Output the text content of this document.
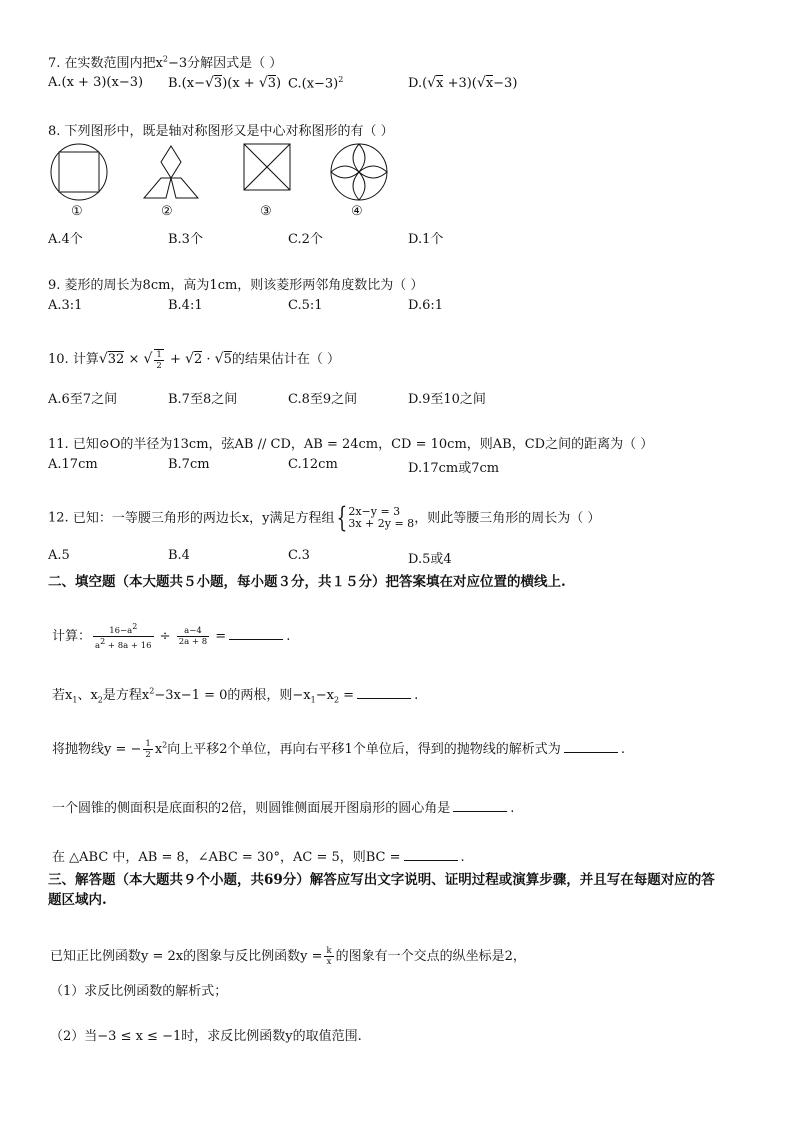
7. 在实数范围内把$x^2-3$分解因式是（ ）
A.(x + 3)(x−3) B.(x−√3)(x + √3) $C.(x-3)^2$	D.(√x +3)(√x−3)
8. 下列图形中，既是轴对称图形又是中心对称图形的有（ ）
①	②	③	④
A.4个	B.3个	C.2个	D.1个
9. 菱形的周长为8cm，高为1cm，则该菱形两邻角度数比为（ ）
A.3:1	B.4:1	C.5:1	D.6:1
10. 计算√32 × √ $\frac{1}{2} + √2 \cdot √5$的结果估计在（ ）
A.6至7之间	B.7至8之间	C.8至9之间	D.9至10之间
11. 已知⊙O的半径为13cm，弦AB // CD，AB = 24cm，CD = 10cm，则AB，CD之间的距离为（ ）
A.17cm	B.7cm	C.12cm	D.17cm或7cm
12. 已知：一等腰三角形的两边长x，y满足方程组{ 2x−y = 3
3x + 2y = 8，则此等腰三角形的周长为（ ）
A.5	B.4	C.3	D.5或4
二、填空题（本大题共５小题，每小题３分，共１５分）把答案填在对应位置的横线上.
计算： $\frac{16-a^2}{a^2 + 8a + 16} \div \frac{a-4}{2a + 8}$ =	.
若$x_1$、$x_2$是方程$x^2-3x-1 = 0$的两根，则$-x_1-x_2$ =	.
将抛物线y = − $\frac{1}{2} x^2$向上平移2个单位，再向右平移1个单位后，得到的抛物线的解析式为	.
一个圆锥的侧面积是底面积的2倍，则圆锥侧面展开图扇形的圆心角是	.
在 △ABC 中，AB = 8，∠ABC = 30°，AC = 5，则BC =	.
三、解答题（本大题共９个小题，共69分）解答应写出文字说明、证明过程或演算步骤，并且写在每题对应的答
题区域内.
已知正比例函数y = 2x的图象与反比例函数$y = \frac{k}{x}$ 的图象有一个交点的纵坐标是2，
（1）求反比例函数的解析式；
（2）当−3 ≤ x ≤ −1时，求反比例函数y的取值范围.
